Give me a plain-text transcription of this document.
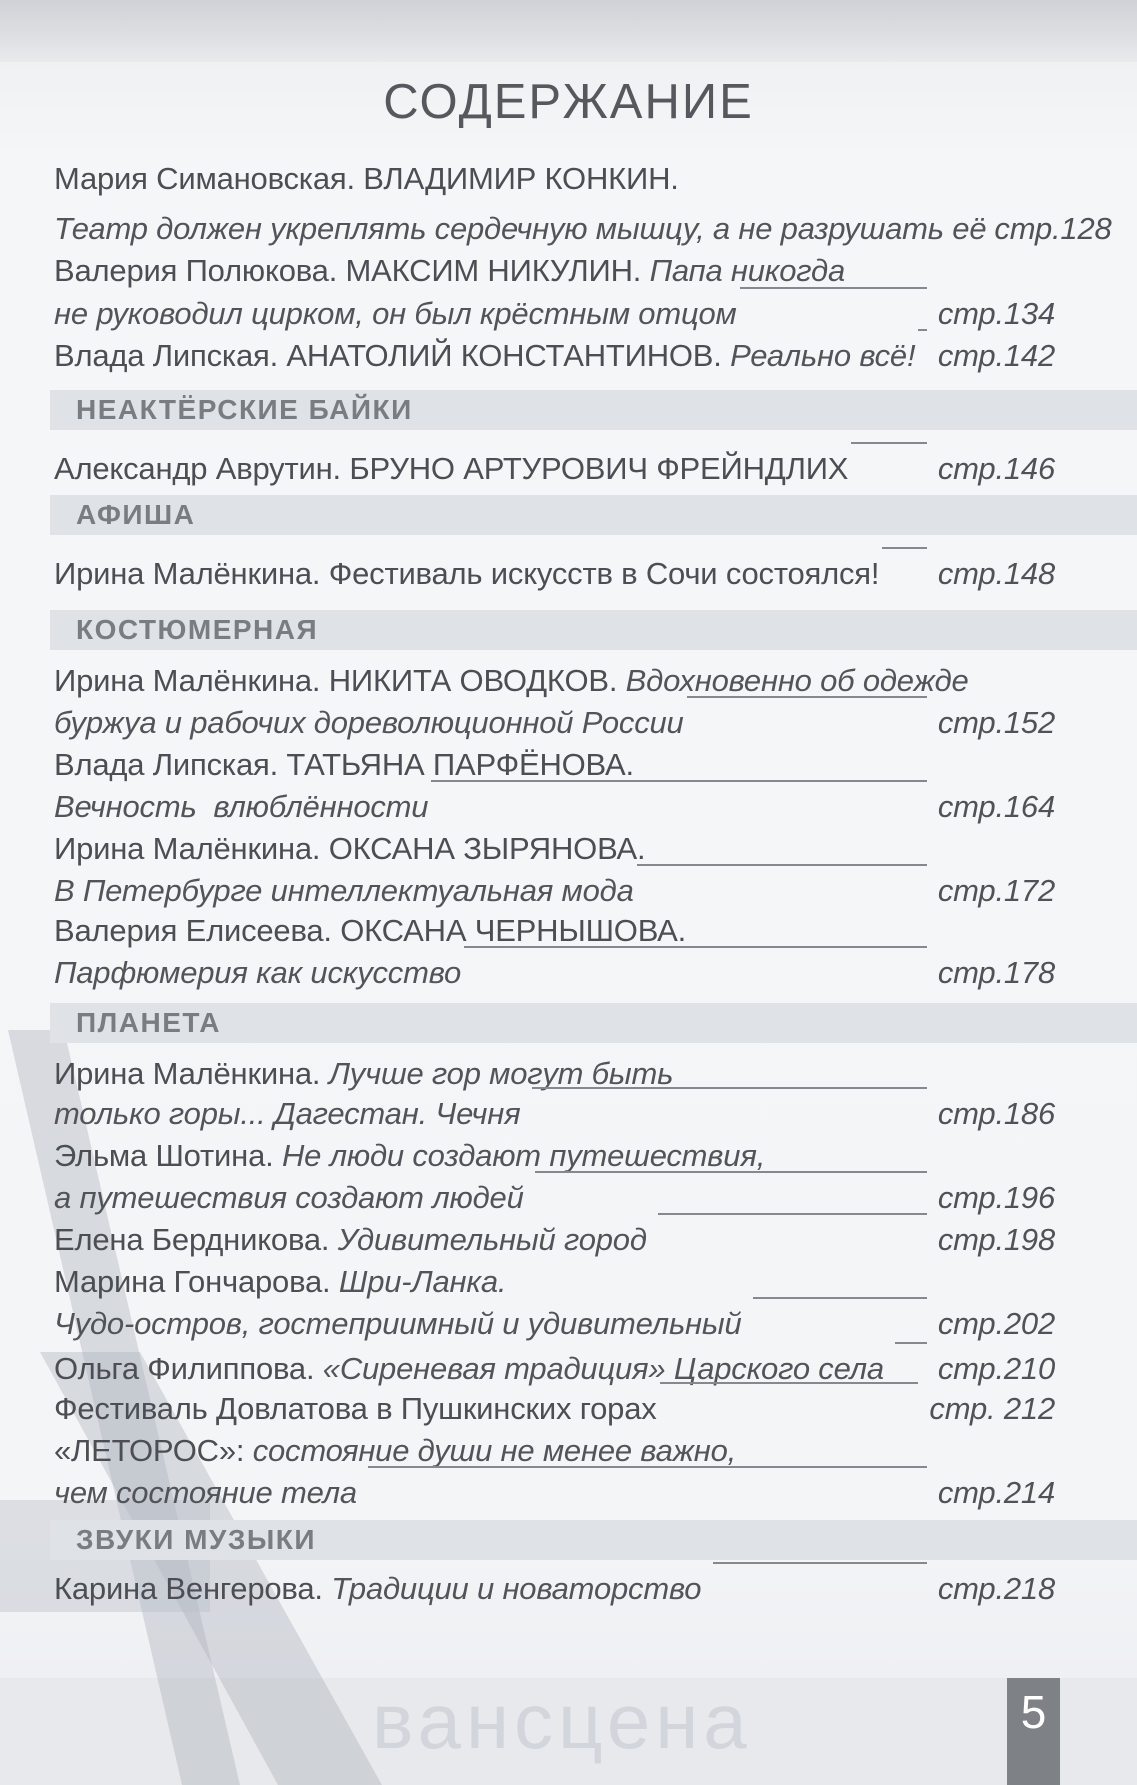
вансцена
СОДЕРЖАНИЕ
Мария Симановская. ВЛАДИМИР КОНКИН.
Театр должен укреплять сердечную мышцу, а не разрушать её стр.128
Валерия Полюкова. МАКСИМ НИКУЛИН. Папа никогда
не руководил цирком, он был крёстным отцом	стр.134
Влада Липская. АНАТОЛИЙ КОНСТАНТИНОВ. Реально всё! стр.142
НЕАКТЁРСКИЕ БАЙКИ
Александр Аврутин. БРУНО АРТУРОВИЧ ФРЕЙНДЛИХ	стр.146
АФИША
Ирина Малёнкина. Фестиваль искусств в Сочи состоялся! стр.148
КОСТЮМЕРНАЯ
Ирина Малёнкина. НИКИТА ОВОДКОВ. Вдохновенно об одежде
буржуа и рабочих дореволюционной России	стр.152
Влада Липская. ТАТЬЯНА ПАРФЁНОВА.
Вечность  влюблённости	стр.164
Ирина Малёнкина. ОКСАНА ЗЫРЯНОВА.
В Петербурге интеллектуальная мода	стр.172
Валерия Елисеева. ОКСАНА ЧЕРНЫШОВА.
Парфюмерия как искусство	стр.178
ПЛАНЕТА
Ирина Малёнкина. Лучше гор могут быть
только горы... Дагестан. Чечня	стр.186
Эльма Шотина. Не люди создают путешествия,
а путешествия создают людей	стр.196
Елена Бердникова. Удивительный город	стр.198
Марина Гончарова. Шри-Ланка.
Чудо-остров, гостеприимный и удивительный	стр.202
Ольга Филиппова. «Сиреневая традиция» Царского села стр.210
Фестиваль Довлатова в Пушкинских горах	стр. 212
«ЛЕТОРОС»: состояние души не менее важно,
чем состояние тела	стр.214
ЗВУКИ МУЗЫКИ
Карина Венгерова. Традиции и новаторство	стр.218
5
